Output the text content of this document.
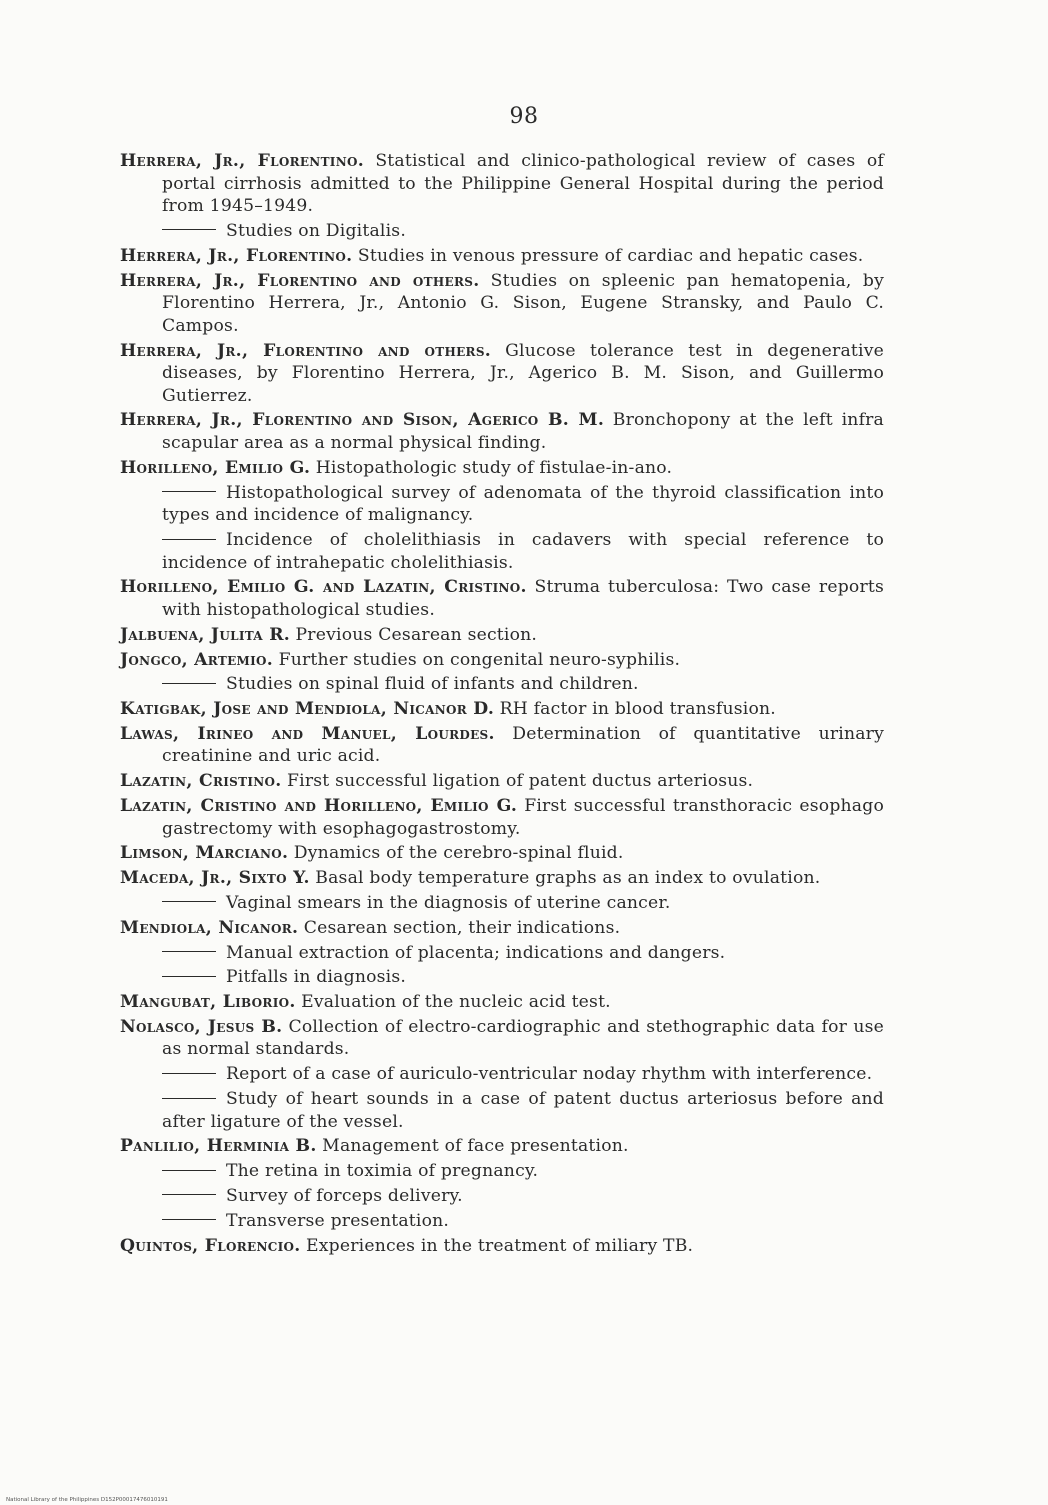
98
Herrera, Jr., Florentino. Statistical and clinico-pathological review of cases of portal cirrhosis admitted to the Philippine General Hospital during the period from 1945–1949.
Studies on Digitalis.
Herrera, Jr., Florentino. Studies in venous pressure of cardiac and hepatic cases.
Herrera, Jr., Florentino and others. Studies on spleenic pan hematopenia, by Florentino Herrera, Jr., Antonio G. Sison, Eugene Stransky, and Paulo C. Campos.
Herrera, Jr., Florentino and others. Glucose tolerance test in degenerative diseases, by Florentino Herrera, Jr., Agerico B. M. Sison, and Guillermo Gutierrez.
Herrera, Jr., Florentino and Sison, Agerico B. M. Bronchopony at the left infra scapular area as a normal physical finding.
Horilleno, Emilio G. Histopathologic study of fistulae-in-ano.
Histopathological survey of adenomata of the thyroid classification into types and incidence of malignancy.
Incidence of cholelithiasis in cadavers with special reference to incidence of intrahepatic cholelithiasis.
Horilleno, Emilio G. and Lazatin, Cristino. Struma tuberculosa: Two case reports with histopathological studies.
Jalbuena, Julita R. Previous Cesarean section.
Jongco, Artemio. Further studies on congenital neuro-syphilis.
Studies on spinal fluid of infants and children.
Katigbak, Jose and Mendiola, Nicanor D. RH factor in blood transfusion.
Lawas, Irineo and Manuel, Lourdes. Determination of quantitative urinary creatinine and uric acid.
Lazatin, Cristino. First successful ligation of patent ductus arteriosus.
Lazatin, Cristino and Horilleno, Emilio G. First successful transthoracic esophago gastrectomy with esophagogastrostomy.
Limson, Marciano. Dynamics of the cerebro-spinal fluid.
Maceda, Jr., Sixto Y. Basal body temperature graphs as an index to ovulation.
Vaginal smears in the diagnosis of uterine cancer.
Mendiola, Nicanor. Cesarean section, their indications.
Manual extraction of placenta; indications and dangers.
Pitfalls in diagnosis.
Mangubat, Liborio. Evaluation of the nucleic acid test.
Nolasco, Jesus B. Collection of electro-cardiographic and stethographic data for use as normal standards.
Report of a case of auriculo-ventricular noday rhythm with interference.
Study of heart sounds in a case of patent ductus arteriosus before and after ligature of the vessel.
Panlilio, Herminia B. Management of face presentation.
The retina in toximia of pregnancy.
Survey of forceps delivery.
Transverse presentation.
Quintos, Florencio. Experiences in the treatment of miliary TB.
National Library of the Philippines D152P00017476010191
